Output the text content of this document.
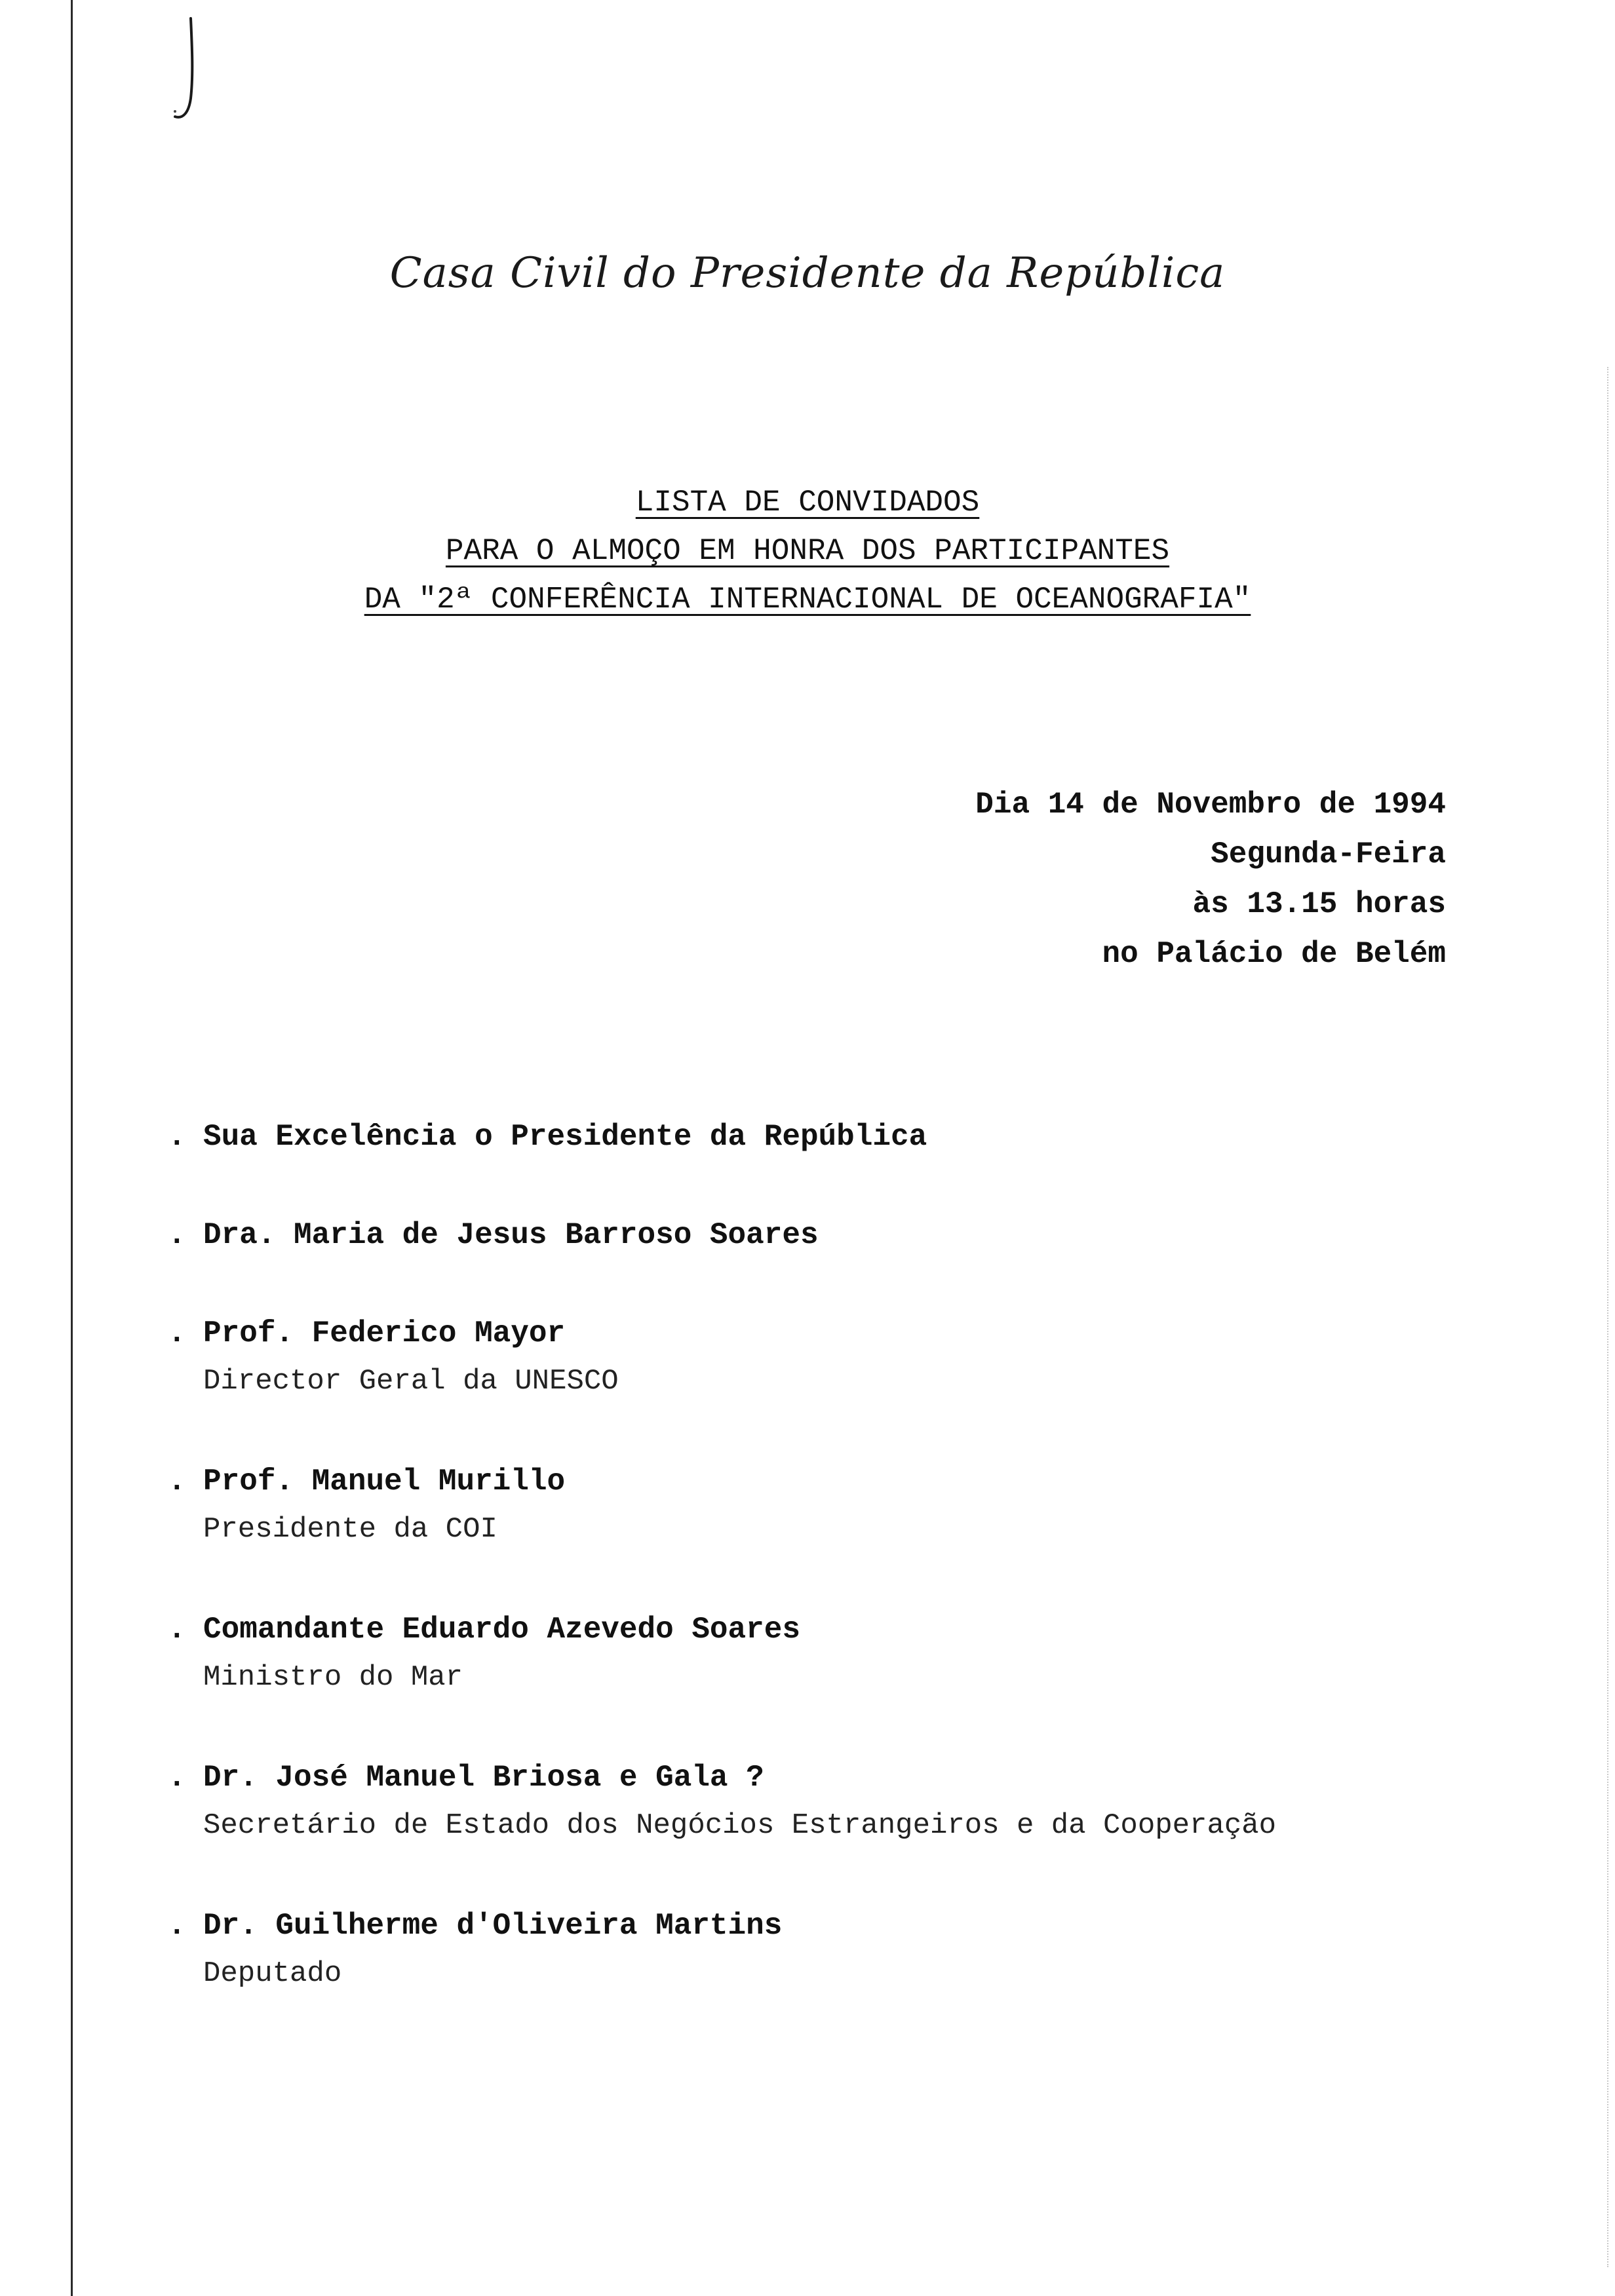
Casa Civil do Presidente da República
LISTA DE CONVIDADOS
PARA O ALMOÇO EM HONRA DOS PARTICIPANTES
DA "2ª CONFERÊNCIA INTERNACIONAL DE OCEANOGRAFIA"
Dia 14 de Novembro de 1994
Segunda-Feira
às 13.15 horas
no Palácio de Belém
. Sua Excelência o Presidente da República
. Dra. Maria de Jesus Barroso Soares
. Prof. Federico Mayor
Director Geral da UNESCO
. Prof. Manuel Murillo
Presidente da COI
. Comandante Eduardo Azevedo Soares
Ministro do Mar
. Dr. José Manuel Briosa e Gala ?
Secretário de Estado dos Negócios Estrangeiros e da Cooperação
. Dr. Guilherme d'Oliveira Martins
Deputado
